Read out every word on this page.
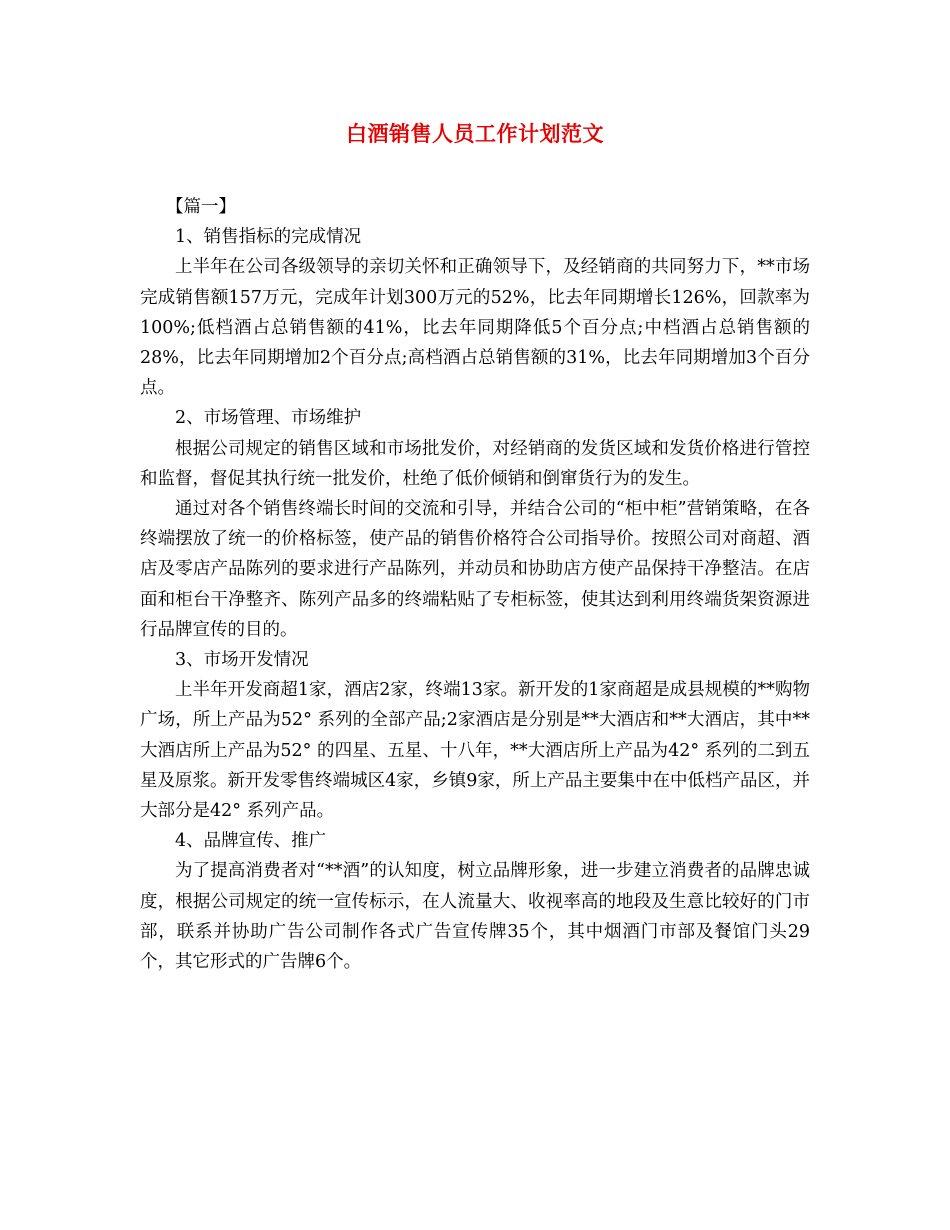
白酒销售人员工作计划范文
【篇一】
1、销售指标的完成情况

上半年在公司各级领导的亲切关怀和正确领导下，及经销商的共同努力下，**市场完成销售额157万元，完成年计划300万元的52%，比去年同期增长126%，回款率为100%;低档酒占总销售额的41%，比去年同期降低5个百分点;中档酒占总销售额的28%，比去年同期增加2个百分点;高档酒占总销售额的31%，比去年同期增加3个百分点。

2、市场管理、市场维护

根据公司规定的销售区域和市场批发价，对经销商的发货区域和发货价格进行管控和监督，督促其执行统一批发价，杜绝了低价倾销和倒窜货行为的发生。

通过对各个销售终端长时间的交流和引导，并结合公司的“柜中柜”营销策略，在各终端摆放了统一的价格标签，使产品的销售价格符合公司指导价。按照公司对商超、酒店及零店产品陈列的要求进行产品陈列，并动员和协助店方使产品保持干净整洁。在店面和柜台干净整齐、陈列产品多的终端粘贴了专柜标签，使其达到利用终端货架资源进行品牌宣传的目的。

3、市场开发情况

上半年开发商超1家，酒店2家，终端13家。新开发的1家商超是成县规模的**购物广场，所上产品为52° 系列的全部产品;2家酒店是分别是**大酒店和**大酒店，其中**大酒店所上产品为52° 的四星、五星、十八年，**大酒店所上产品为42° 系列的二到五星及原浆。新开发零售终端城区4家，乡镇9家，所上产品主要集中在中低档产品区，并大部分是42° 系列产品。

4、品牌宣传、推广

为了提高消费者对“**酒”的认知度，树立品牌形象，进一步建立消费者的品牌忠诚度，根据公司规定的统一宣传标示，在人流量大、收视率高的地段及生意比较好的门市部，联系并协助广告公司制作各式广告宣传牌35个，其中烟酒门市部及餐馆门头29个，其它形式的广告牌6个。
